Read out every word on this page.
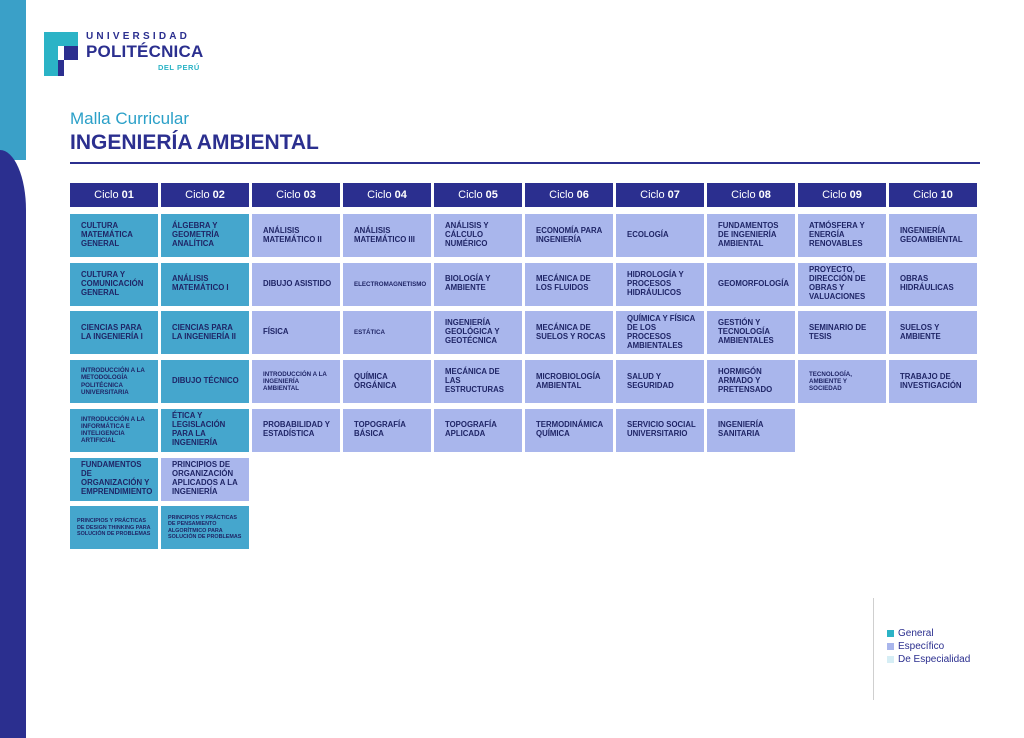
UNIVERSIDAD
POLITÉCNICA
DEL PERÚ
Malla Curricular
INGENIERÍA AMBIENTAL
Ciclo 01
CULTURA MATEMÁTICA GENERAL
CULTURA Y COMUNICACIÓN GENERAL
CIENCIAS PARA LA INGENIERÍA I
INTRODUCCIÓN A LA METODOLOGÍA POLITÉCNICA UNIVERSITARIA
INTRODUCCIÓN A LA INFORMÁTICA E INTELIGENCIA ARTIFICIAL
FUNDAMENTOS DE ORGANIZACIÓN Y EMPRENDIMIENTO
PRINCIPIOS Y PRÁCTICAS DE DESIGN THINKING PARA SOLUCIÓN DE PROBLEMAS
Ciclo 02
ÁLGEBRA Y GEOMETRÍA ANALÍTICA
ANÁLISIS MATEMÁTICO I
CIENCIAS PARA LA INGENIERÍA II
DIBUJO TÉCNICO
ÉTICA Y LEGISLACIÓN PARA LA INGENIERÍA
PRINCIPIOS DE ORGANIZACIÓN APLICADOS A LA INGENIERÍA
PRINCIPIOS Y PRÁCTICAS DE PENSAMIENTO ALGORÍTMICO PARA SOLUCIÓN DE PROBLEMAS
Ciclo 03
ANÁLISIS MATEMÁTICO II
DIBUJO ASISTIDO
FÍSICA
INTRODUCCIÓN A LA INGENIERÍA AMBIENTAL
PROBABILIDAD Y ESTADÍSTICA
Ciclo 04
ANÁLISIS MATEMÁTICO III
ELECTROMAGNETISMO
ESTÁTICA
QUÍMICA ORGÁNICA
TOPOGRAFÍA BÁSICA
Ciclo 05
ANÁLISIS Y CÁLCULO NUMÉRICO
BIOLOGÍA Y AMBIENTE
INGENIERÍA GEOLÓGICA Y GEOTÉCNICA
MECÁNICA DE LAS ESTRUCTURAS
TOPOGRAFÍA APLICADA
Ciclo 06
ECONOMÍA PARA INGENIERÍA
MECÁNICA DE LOS FLUIDOS
MECÁNICA DE SUELOS Y ROCAS
MICROBIOLOGÍA AMBIENTAL
TERMODINÁMICA QUÍMICA
Ciclo 07
ECOLOGÍA
HIDROLOGÍA Y PROCESOS HIDRÁULICOS
QUÍMICA Y FÍSICA DE LOS PROCESOS AMBIENTALES
SALUD Y SEGURIDAD
SERVICIO SOCIAL UNIVERSITARIO
Ciclo 08
FUNDAMENTOS DE INGENIERÍA AMBIENTAL
GEOMORFOLOGÍA
GESTIÓN Y TECNOLOGÍA AMBIENTALES
HORMIGÓN ARMADO Y PRETENSADO
INGENIERÍA SANITARIA
Ciclo 09
ATMÓSFERA Y ENERGÍA RENOVABLES
PROYECTO, DIRECCIÓN DE OBRAS Y VALUACIONES
SEMINARIO DE TESIS
TECNOLOGÍA, AMBIENTE Y SOCIEDAD
Ciclo 10
INGENIERÍA GEOAMBIENTAL
OBRAS HIDRÁULICAS
SUELOS Y AMBIENTE
TRABAJO DE INVESTIGACIÓN
General
Específico
De Especialidad
